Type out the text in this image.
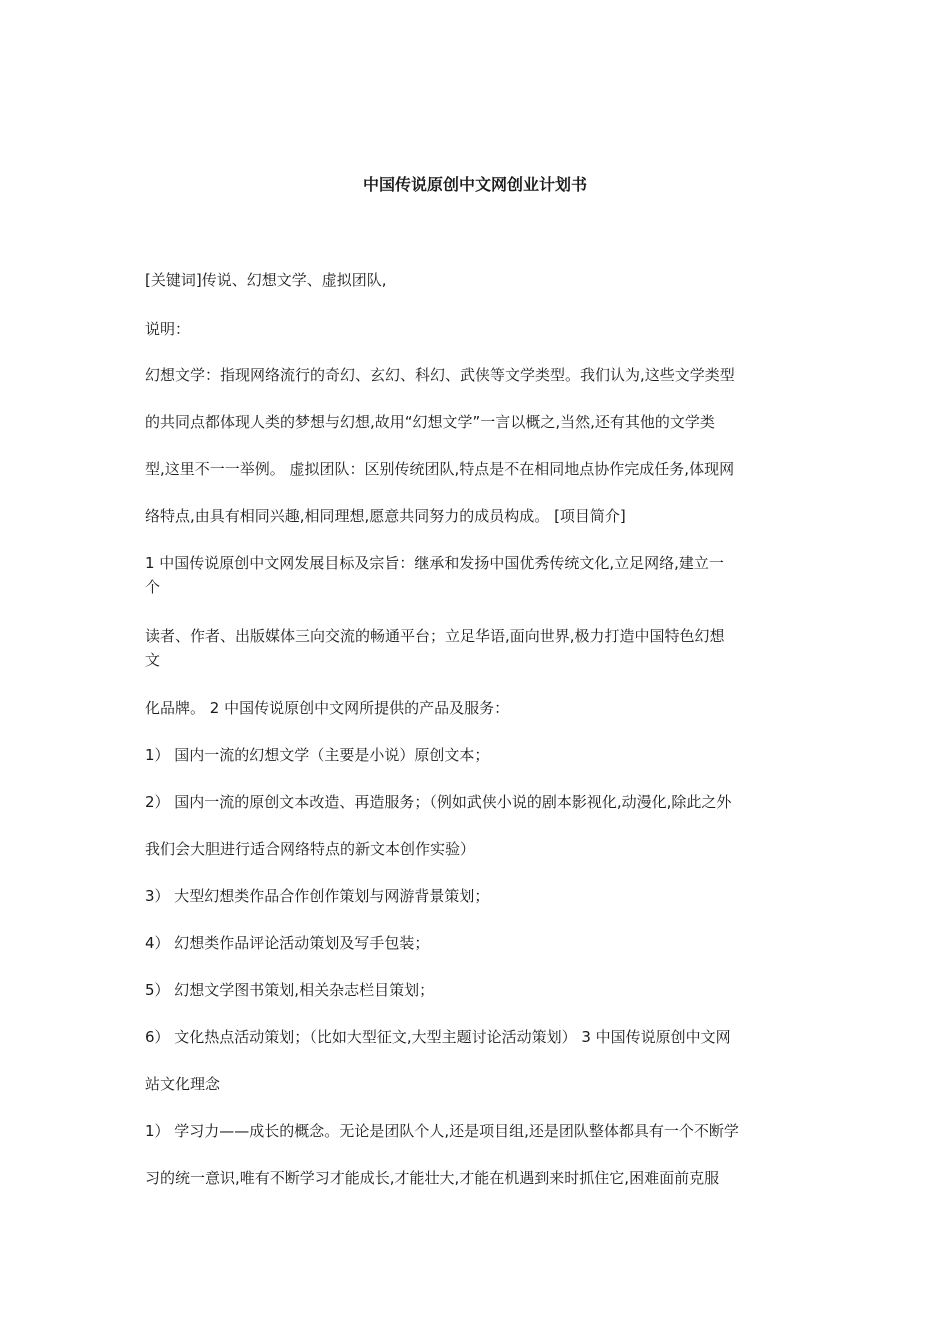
中国传说原创中文网创业计划书

[关键词]传说、幻想文学、虚拟团队,

说明：

幻想文学：指现网络流行的奇幻、玄幻、科幻、武侠等文学类型。我们认为,这些文学类型

的共同点都体现人类的梦想与幻想,故用“幻想文学”一言以概之,当然,还有其他的文学类

型,这里不一一举例。 虚拟团队：区别传统团队,特点是不在相同地点协作完成任务,体现网

络特点,由具有相同兴趣,相同理想,愿意共同努力的成员构成。 [项目简介]

1 中国传说原创中文网发展目标及宗旨：继承和发扬中国优秀传统文化,立足网络,建立一

个

读者、作者、出版媒体三向交流的畅通平台；立足华语,面向世界,极力打造中国特色幻想

文

化品牌。 2 中国传说原创中文网所提供的产品及服务：

1） 国内一流的幻想文学（主要是小说）原创文本；

2） 国内一流的原创文本改造、再造服务；（例如武侠小说的剧本影视化,动漫化,除此之外

我们会大胆进行适合网络特点的新文本创作实验）

3） 大型幻想类作品合作创作策划与网游背景策划；

4） 幻想类作品评论活动策划及写手包装；

5） 幻想文学图书策划,相关杂志栏目策划；

6） 文化热点活动策划；（比如大型征文,大型主题讨论活动策划） 3 中国传说原创中文网

站文化理念

1） 学习力——成长的概念。无论是团队个人,还是项目组,还是团队整体都具有一个不断学

习的统一意识,唯有不断学习才能成长,才能壮大,才能在机遇到来时抓住它,困难面前克服
